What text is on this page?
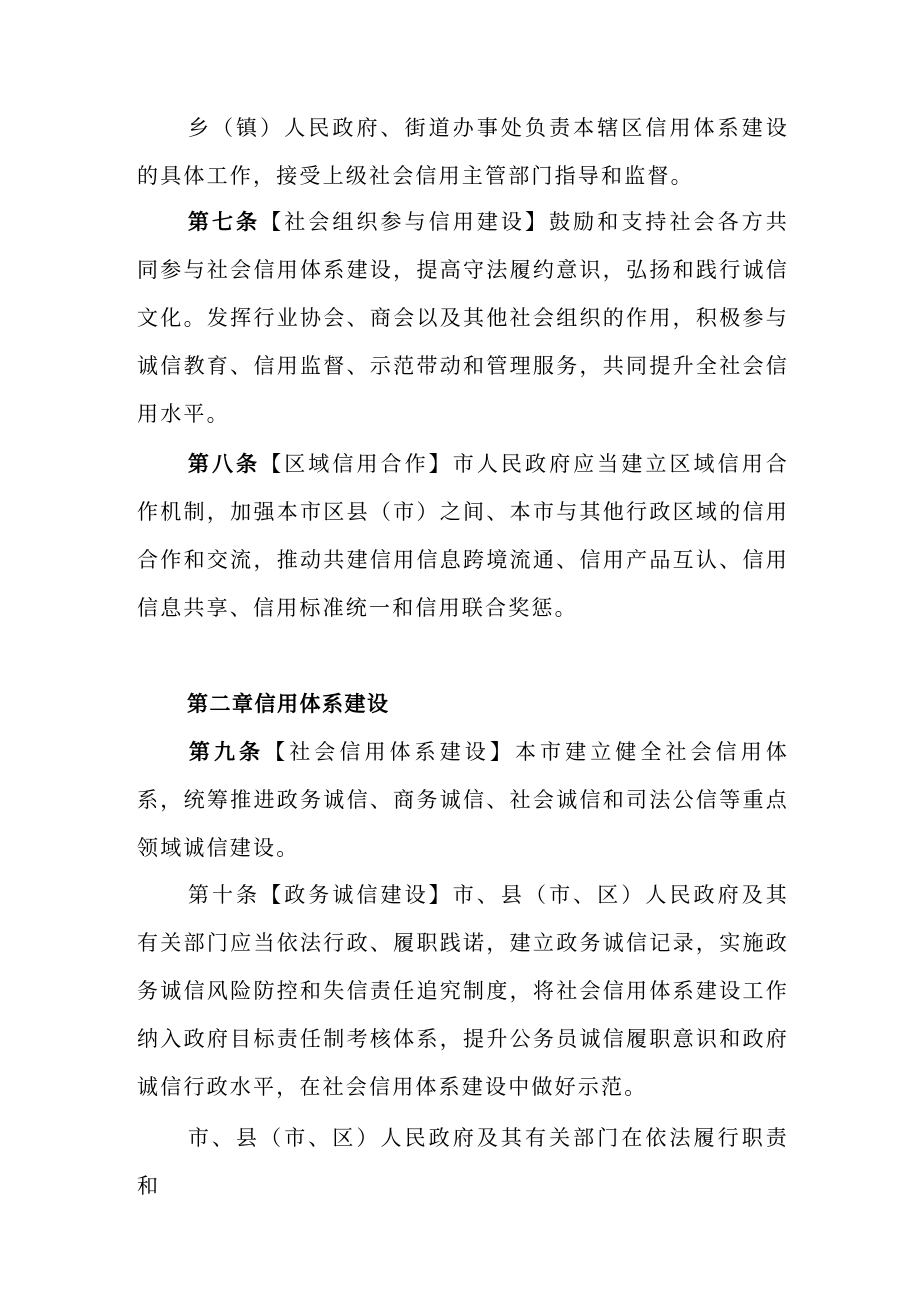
乡（镇）人民政府、街道办事处负责本辖区信用体系建设的具体工作，接受上级社会信用主管部门指导和监督。

第七条【社会组织参与信用建设】鼓励和支持社会各方共同参与社会信用体系建设，提高守法履约意识，弘扬和践行诚信文化。发挥行业协会、商会以及其他社会组织的作用，积极参与诚信教育、信用监督、示范带动和管理服务，共同提升全社会信用水平。

第八条【区域信用合作】市人民政府应当建立区域信用合作机制，加强本市区县（市）之间、本市与其他行政区域的信用合作和交流，推动共建信用信息跨境流通、信用产品互认、信用信息共享、信用标准统一和信用联合奖惩。

第二章信用体系建设

第九条【社会信用体系建设】本市建立健全社会信用体系，统筹推进政务诚信、商务诚信、社会诚信和司法公信等重点领域诚信建设。

第十条【政务诚信建设】市、县（市、区）人民政府及其有关部门应当依法行政、履职践诺，建立政务诚信记录，实施政务诚信风险防控和失信责任追究制度，将社会信用体系建设工作纳入政府目标责任制考核体系，提升公务员诚信履职意识和政府诚信行政水平，在社会信用体系建设中做好示范。

市、县（市、区）人民政府及其有关部门在依法履行职责和
